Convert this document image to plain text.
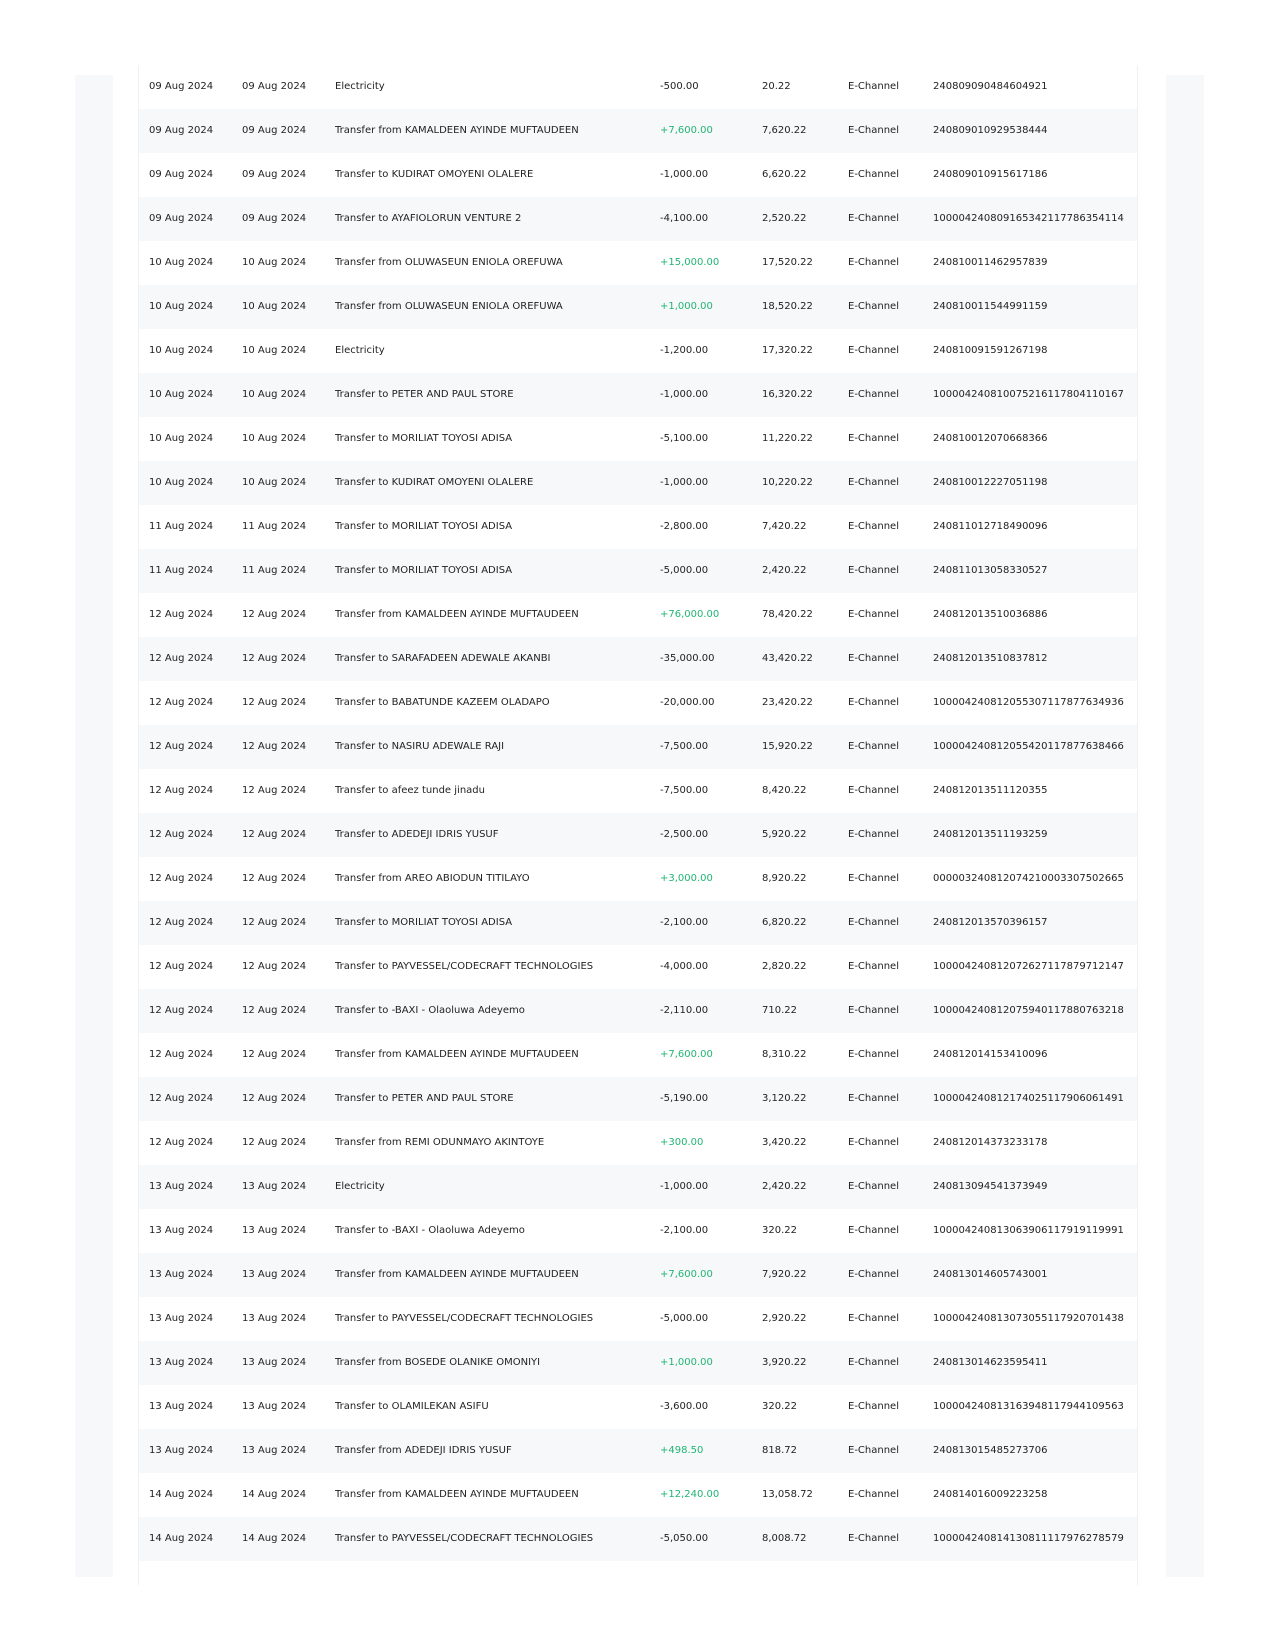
09 Aug 2024	09 Aug 2024	Electricity	-500.00	20.22	E-Channel	240809090484604921
09 Aug 2024	09 Aug 2024	Transfer from KAMALDEEN AYINDE MUFTAUDEEN	+7,600.00	7,620.22	E-Channel	240809010929538444
09 Aug 2024	09 Aug 2024	Transfer to KUDIRAT OMOYENI OLALERE	-1,000.00	6,620.22	E-Channel	240809010915617186
09 Aug 2024	09 Aug 2024	Transfer to AYAFIOLORUN VENTURE 2	-4,100.00	2,520.22	E-Channel	100004240809165342117786354114
10 Aug 2024	10 Aug 2024	Transfer from OLUWASEUN ENIOLA OREFUWA	+15,000.00	17,520.22	E-Channel	240810011462957839
10 Aug 2024	10 Aug 2024	Transfer from OLUWASEUN ENIOLA OREFUWA	+1,000.00	18,520.22	E-Channel	240810011544991159
10 Aug 2024	10 Aug 2024	Electricity	-1,200.00	17,320.22	E-Channel	240810091591267198
10 Aug 2024	10 Aug 2024	Transfer to PETER AND PAUL STORE	-1,000.00	16,320.22	E-Channel	100004240810075216117804110167
10 Aug 2024	10 Aug 2024	Transfer to MORILIAT TOYOSI ADISA	-5,100.00	11,220.22	E-Channel	240810012070668366
10 Aug 2024	10 Aug 2024	Transfer to KUDIRAT OMOYENI OLALERE	-1,000.00	10,220.22	E-Channel	240810012227051198
11 Aug 2024	11 Aug 2024	Transfer to MORILIAT TOYOSI ADISA	-2,800.00	7,420.22	E-Channel	240811012718490096
11 Aug 2024	11 Aug 2024	Transfer to MORILIAT TOYOSI ADISA	-5,000.00	2,420.22	E-Channel	240811013058330527
12 Aug 2024	12 Aug 2024	Transfer from KAMALDEEN AYINDE MUFTAUDEEN	+76,000.00	78,420.22	E-Channel	240812013510036886
12 Aug 2024	12 Aug 2024	Transfer to SARAFADEEN ADEWALE AKANBI	-35,000.00	43,420.22	E-Channel	240812013510837812
12 Aug 2024	12 Aug 2024	Transfer to BABATUNDE KAZEEM OLADAPO	-20,000.00	23,420.22	E-Channel	100004240812055307117877634936
12 Aug 2024	12 Aug 2024	Transfer to NASIRU ADEWALE RAJI	-7,500.00	15,920.22	E-Channel	100004240812055420117877638466
12 Aug 2024	12 Aug 2024	Transfer to afeez tunde jinadu	-7,500.00	8,420.22	E-Channel	240812013511120355
12 Aug 2024	12 Aug 2024	Transfer to ADEDEJI IDRIS YUSUF	-2,500.00	5,920.22	E-Channel	240812013511193259
12 Aug 2024	12 Aug 2024	Transfer from AREO ABIODUN TITILAYO	+3,000.00	8,920.22	E-Channel	000003240812074210003307502665
12 Aug 2024	12 Aug 2024	Transfer to MORILIAT TOYOSI ADISA	-2,100.00	6,820.22	E-Channel	240812013570396157
12 Aug 2024	12 Aug 2024	Transfer to PAYVESSEL/CODECRAFT TECHNOLOGIES	-4,000.00	2,820.22	E-Channel	100004240812072627117879712147
12 Aug 2024	12 Aug 2024	Transfer to -BAXI - Olaoluwa Adeyemo	-2,110.00	710.22	E-Channel	100004240812075940117880763218
12 Aug 2024	12 Aug 2024	Transfer from KAMALDEEN AYINDE MUFTAUDEEN	+7,600.00	8,310.22	E-Channel	240812014153410096
12 Aug 2024	12 Aug 2024	Transfer to PETER AND PAUL STORE	-5,190.00	3,120.22	E-Channel	100004240812174025117906061491
12 Aug 2024	12 Aug 2024	Transfer from REMI ODUNMAYO AKINTOYE	+300.00	3,420.22	E-Channel	240812014373233178
13 Aug 2024	13 Aug 2024	Electricity	-1,000.00	2,420.22	E-Channel	240813094541373949
13 Aug 2024	13 Aug 2024	Transfer to -BAXI - Olaoluwa Adeyemo	-2,100.00	320.22	E-Channel	100004240813063906117919119991
13 Aug 2024	13 Aug 2024	Transfer from KAMALDEEN AYINDE MUFTAUDEEN	+7,600.00	7,920.22	E-Channel	240813014605743001
13 Aug 2024	13 Aug 2024	Transfer to PAYVESSEL/CODECRAFT TECHNOLOGIES	-5,000.00	2,920.22	E-Channel	100004240813073055117920701438
13 Aug 2024	13 Aug 2024	Transfer from BOSEDE OLANIKE OMONIYI	+1,000.00	3,920.22	E-Channel	240813014623595411
13 Aug 2024	13 Aug 2024	Transfer to OLAMILEKAN ASIFU	-3,600.00	320.22	E-Channel	100004240813163948117944109563
13 Aug 2024	13 Aug 2024	Transfer from ADEDEJI IDRIS YUSUF	+498.50	818.72	E-Channel	240813015485273706
14 Aug 2024	14 Aug 2024	Transfer from KAMALDEEN AYINDE MUFTAUDEEN	+12,240.00	13,058.72	E-Channel	240814016009223258
14 Aug 2024	14 Aug 2024	Transfer to PAYVESSEL/CODECRAFT TECHNOLOGIES	-5,050.00	8,008.72	E-Channel	100004240814130811117976278579
